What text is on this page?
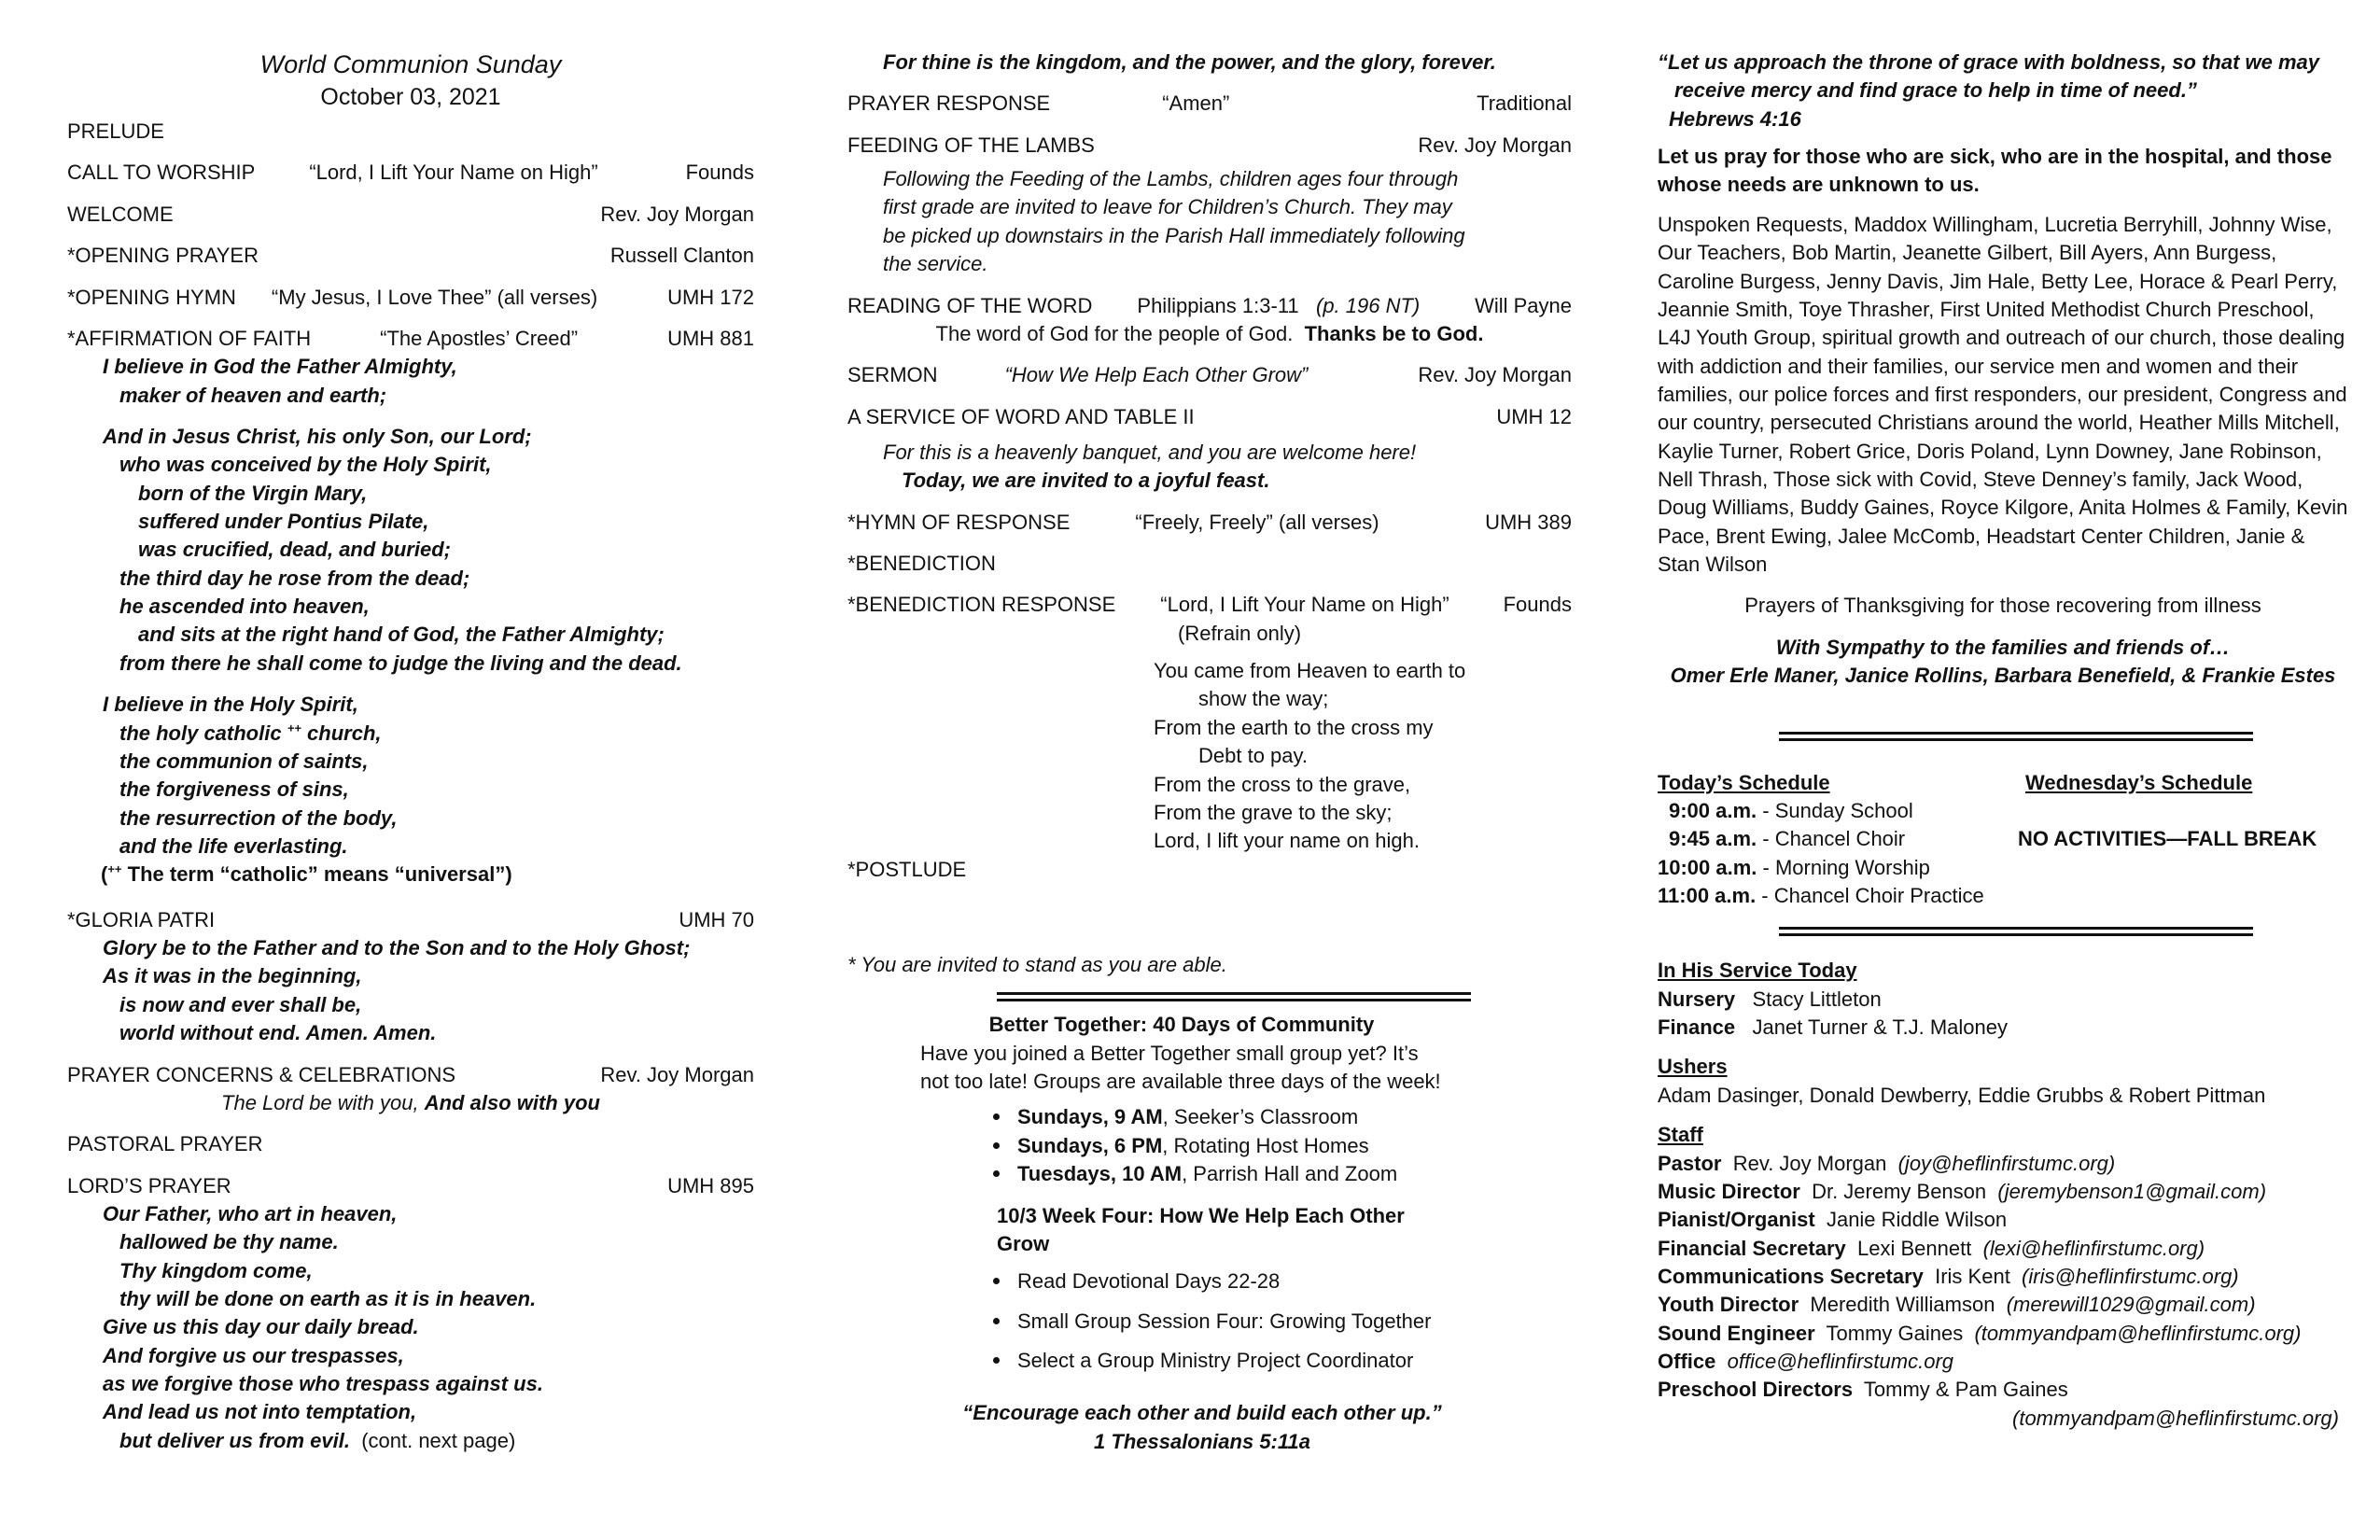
World Communion Sunday
October 03, 2021
PRELUDE
CALL TO WORSHIP	“Lord, I Lift Your Name on High”	Founds
WELCOME	Rev. Joy Morgan
*OPENING PRAYER	Russell Clanton
*OPENING HYMN	“My Jesus, I Love Thee” (all verses)	UMH 172
*AFFIRMATION OF FAITH	“The Apostles’ Creed”	UMH 881
I believe in God the Father Almighty,
maker of heaven and earth;
And in Jesus Christ, his only Son, our Lord;
who was conceived by the Holy Spirit,
born of the Virgin Mary,
suffered under Pontius Pilate,
was crucified, dead, and buried;
the third day he rose from the dead;
he ascended into heaven,
and sits at the right hand of God, the Father Almighty;
from there he shall come to judge the living and the dead.
I believe in the Holy Spirit,
the holy catholic ++ church,
the communion of saints,
the forgiveness of sins,
the resurrection of the body,
and the life everlasting.
(++ The term “catholic” means “universal”)
*GLORIA PATRI	UMH 70
Glory be to the Father and to the Son and to the Holy Ghost;
As it was in the beginning,
is now and ever shall be,
world without end. Amen. Amen.
PRAYER CONCERNS & CELEBRATIONS	Rev. Joy Morgan
The Lord be with you, And also with you
PASTORAL PRAYER
LORD’S PRAYER	UMH 895
Our Father, who art in heaven,
hallowed be thy name.
Thy kingdom come,
thy will be done on earth as it is in heaven.
Give us this day our daily bread.
And forgive us our trespasses,
as we forgive those who trespass against us.
And lead us not into temptation,
but deliver us from evil. (cont. next page)
For thine is the kingdom, and the power, and the glory, forever.
PRAYER RESPONSE	“Amen”	Traditional
FEEDING OF THE LAMBS	Rev. Joy Morgan
Following the Feeding of the Lambs, children ages four through
first grade are invited to leave for Children’s Church. They may
be picked up downstairs in the Parish Hall immediately following
the service.
READING OF THE WORD	Philippians 1:3-11 (p. 196 NT)	Will Payne
The word of God for the people of God. Thanks be to God.
SERMON	“How We Help Each Other Grow”	Rev. Joy Morgan
A SERVICE OF WORD AND TABLE II	UMH 12
For this is a heavenly banquet, and you are welcome here!
Today, we are invited to a joyful feast.
*HYMN OF RESPONSE	“Freely, Freely” (all verses)	UMH 389
*BENEDICTION
*BENEDICTION RESPONSE	“Lord, I Lift Your Name on High”	Founds
(Refrain only)
You came from Heaven to earth to
show the way;
From the earth to the cross my
Debt to pay.
From the cross to the grave,
From the grave to the sky;
Lord, I lift your name on high.
*POSTLUDE
* You are invited to stand as you are able.
Better Together: 40 Days of Community
Have you joined a Better Together small group yet? It’s not too late! Groups are available three days of the week!
Sundays, 9 AM, Seeker’s Classroom
Sundays, 6 PM, Rotating Host Homes
Tuesdays, 10 AM, Parrish Hall and Zoom
10/3 Week Four: How We Help Each Other Grow
Read Devotional Days 22-28
Small Group Session Four: Growing Together
Select a Group Ministry Project Coordinator
“Encourage each other and build each other up.”
1 Thessalonians 5:11a
“Let us approach the throne of grace with boldness, so that we may
receive mercy and find grace to help in time of need.”
Hebrews 4:16
Let us pray for those who are sick, who are in the hospital, and those whose needs are unknown to us.
Unspoken Requests, Maddox Willingham, Lucretia Berryhill, Johnny Wise, Our Teachers, Bob Martin, Jeanette Gilbert, Bill Ayers, Ann Burgess, Caroline Burgess, Jenny Davis, Jim Hale, Betty Lee, Horace & Pearl Perry, Jeannie Smith, Toye Thrasher, First United Methodist Church Preschool, L4J Youth Group, spiritual growth and outreach of our church, those dealing with addiction and their families, our service men and women and their families, our police forces and first responders, our president, Congress and our country, persecuted Christians around the world, Heather Mills Mitchell, Kaylie Turner, Robert Grice, Doris Poland, Lynn Downey, Jane Robinson, Nell Thrash, Those sick with Covid, Steve Denney’s family, Jack Wood, Doug Williams, Buddy Gaines, Royce Kilgore, Anita Holmes & Family, Kevin Pace, Brent Ewing, Jalee McComb, Headstart Center Children, Janie & Stan Wilson
Prayers of Thanksgiving for those recovering from illness
With Sympathy to the families and friends of…
Omer Erle Maner, Janice Rollins, Barbara Benefield, & Frankie Estes
Today’s Schedule
9:00 a.m. - Sunday School
9:45 a.m. - Chancel Choir
10:00 a.m. - Morning Worship
11:00 a.m. - Chancel Choir Practice
Wednesday’s Schedule
NO ACTIVITIES—FALL BREAK
In His Service Today
Nursery Stacy Littleton
Finance Janet Turner & T.J. Maloney
Ushers
Adam Dasinger, Donald Dewberry, Eddie Grubbs & Robert Pittman
Staff
Pastor Rev. Joy Morgan (joy@heflinfirstumc.org)
Music Director Dr. Jeremy Benson (jeremybenson1@gmail.com)
Pianist/Organist Janie Riddle Wilson
Financial Secretary Lexi Bennett (lexi@heflinfirstumc.org)
Communications Secretary Iris Kent (iris@heflinfirstumc.org)
Youth Director Meredith Williamson (merewill1029@gmail.com)
Sound Engineer Tommy Gaines (tommyandpam@heflinfirstumc.org)
Office office@heflinfirstumc.org
Preschool Directors Tommy & Pam Gaines
(tommyandpam@heflinfirstumc.org)
